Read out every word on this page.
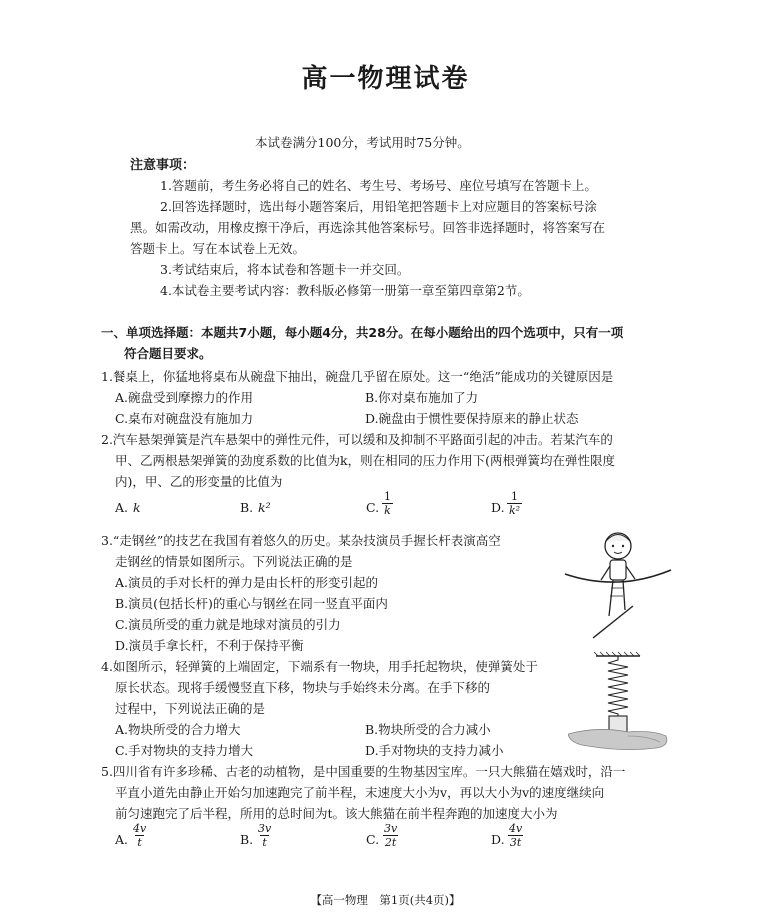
高一物理试卷
本试卷满分100分，考试用时75分钟。
注意事项：
1.答题前，考生务必将自己的姓名、考生号、考场号、座位号填写在答题卡上。
2.回答选择题时，选出每小题答案后，用铅笔把答题卡上对应题目的答案标号涂
黑。如需改动，用橡皮擦干净后，再选涂其他答案标号。回答非选择题时，将答案写在
答题卡上。写在本试卷上无效。
3.考试结束后，将本试卷和答题卡一并交回。
4.本试卷主要考试内容：教科版必修第一册第一章至第四章第2节。
一、单项选择题：本题共7小题，每小题4分，共28分。在每小题给出的四个选项中，只有一项
符合题目要求。
1.餐桌上，你猛地将桌布从碗盘下抽出，碗盘几乎留在原处。这一“绝活”能成功的关键原因是
A.碗盘受到摩擦力的作用	B.你对桌布施加了力
C.桌布对碗盘没有施加力	D.碗盘由于惯性要保持原来的静止状态
2.汽车悬架弹簧是汽车悬架中的弹性元件，可以缓和及抑制不平路面引起的冲击。若某汽车的
甲、乙两根悬架弹簧的劲度系数的比值为k，则在相同的压力作用下(两根弹簧均在弹性限度
内)，甲、乙的形变量的比值为
A. k	B. k²	C. $\frac{1}{k}$	D. $\frac{1}{\text{k²}}$
3.“走钢丝”的技艺在我国有着悠久的历史。某杂技演员手握长杆表演高空
走钢丝的情景如图所示。下列说法正确的是
A.演员的手对长杆的弹力是由长杆的形变引起的
B.演员(包括长杆)的重心与钢丝在同一竖直平面内
C.演员所受的重力就是地球对演员的引力
D.演员手拿长杆，不利于保持平衡
4.如图所示，轻弹簧的上端固定，下端系有一物块，用手托起物块，使弹簧处于
原长状态。现将手缓慢竖直下移，物块与手始终未分离。在手下移的
过程中，下列说法正确的是
A.物块所受的合力增大	B.物块所受的合力减小
C.手对物块的支持力增大	D.手对物块的支持力减小
5.四川省有许多珍稀、古老的动植物，是中国重要的生物基因宝库。一只大熊猫在嬉戏时，沿一
平直小道先由静止开始匀加速跑完了前半程，末速度大小为v，再以大小为v的速度继续向
前匀速跑完了后半程，所用的总时间为t。该大熊猫在前半程奔跑的加速度大小为
A. $\frac{4v}{t}$	B. $\frac{3v}{t}$	C. $\frac{3v}{2t}$	D. $\frac{4v}{3t}$
【高一物理　第1页(共4页)】
